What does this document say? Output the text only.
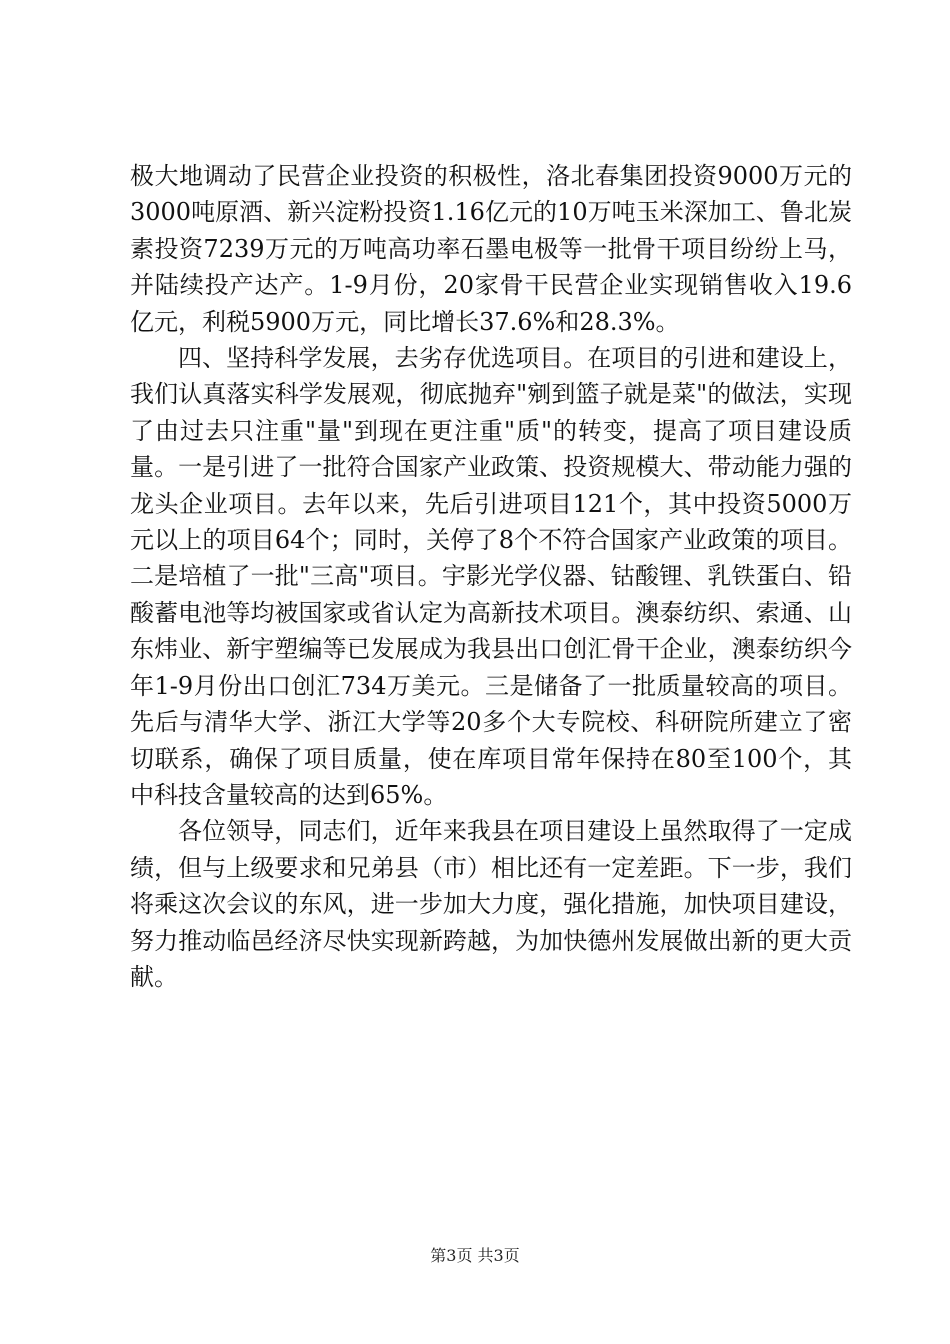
极大地调动了民营企业投资的积极性，洛北春集团投资9000万元的3000吨原酒、新兴淀粉投资1.16亿元的10万吨玉米深加工、鲁北炭素投资7239万元的万吨高功率石墨电极等一批骨干项目纷纷上马，并陆续投产达产。1-9月份，20家骨干民营企业实现销售收入19.6亿元，利税5900万元，同比增长37.6%和28.3%。

四、坚持科学发展，去劣存优选项目。在项目的引进和建设上，我们认真落实科学发展观，彻底抛弃"剜到篮子就是菜"的做法，实现了由过去只注重"量"到现在更注重"质"的转变，提高了项目建设质量。一是引进了一批符合国家产业政策、投资规模大、带动能力强的龙头企业项目。去年以来，先后引进项目121个，其中投资5000万元以上的项目64个；同时，关停了8个不符合国家产业政策的项目。二是培植了一批"三高"项目。宇影光学仪器、钴酸锂、乳铁蛋白、铅酸蓄电池等均被国家或省认定为高新技术项目。澳泰纺织、索通、山东炜业、新宇塑编等已发展成为我县出口创汇骨干企业，澳泰纺织今年1-9月份出口创汇734万美元。三是储备了一批质量较高的项目。先后与清华大学、浙江大学等20多个大专院校、科研院所建立了密切联系，确保了项目质量，使在库项目常年保持在80至100个，其中科技含量较高的达到65%。

各位领导，同志们，近年来我县在项目建设上虽然取得了一定成绩，但与上级要求和兄弟县（市）相比还有一定差距。下一步，我们将乘这次会议的东风，进一步加大力度，强化措施，加快项目建设，努力推动临邑经济尽快实现新跨越，为加快德州发展做出新的更大贡献。

第3页 共3页
